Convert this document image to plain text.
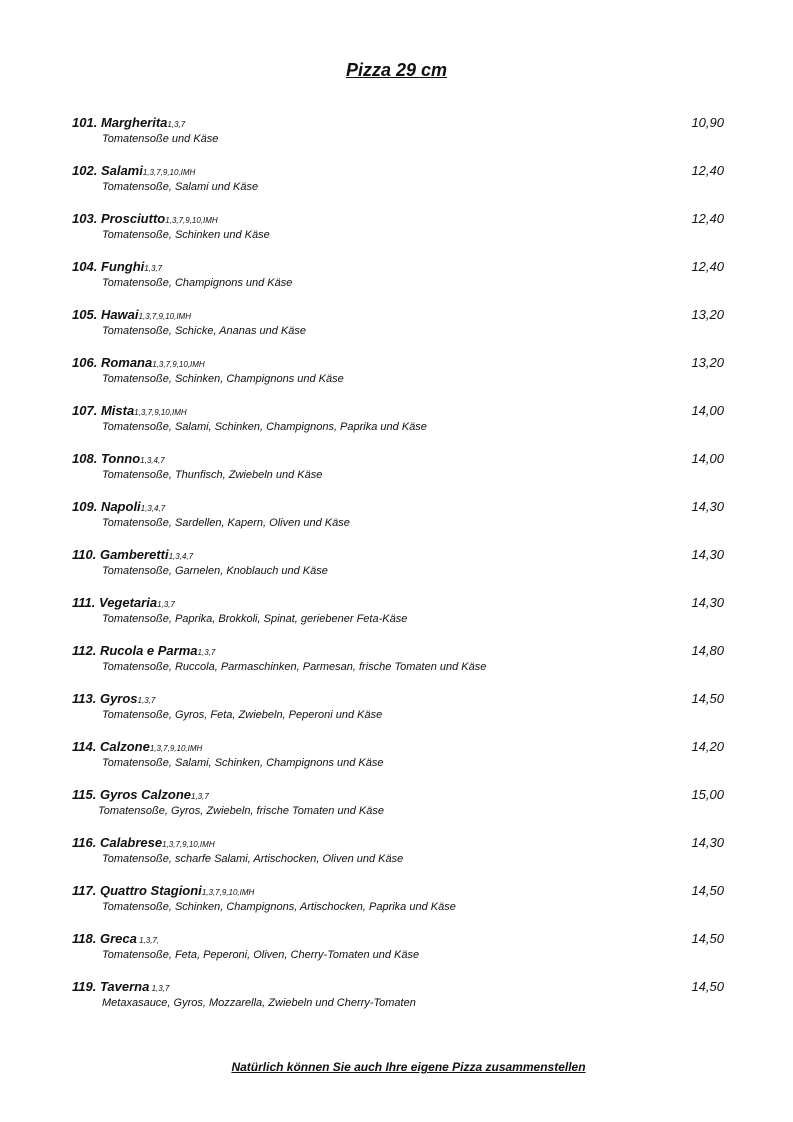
Pizza 29 cm
101. Margherita1,3,7	10,90
Tomatensoße und Käse
102. Salami1,3,7,9,10,IMH	12,40
Tomatensoße, Salami und Käse
103. Prosciutto1,3,7,9,10,IMH	12,40
Tomatensoße, Schinken und Käse
104. Funghi1,3,7	12,40
Tomatensoße, Champignons und Käse
105. Hawai1,3,7,9,10,IMH	13,20
Tomatensoße, Schicke, Ananas und Käse
106. Romana1,3,7,9,10,IMH	13,20
Tomatensoße, Schinken, Champignons und Käse
107. Mista1,3,7,9,10,IMH	14,00
Tomatensoße, Salami, Schinken, Champignons, Paprika und Käse
108. Tonno1,3,4,7	14,00
Tomatensoße, Thunfisch, Zwiebeln und Käse
109. Napoli1,3,4,7	14,30
Tomatensoße, Sardellen, Kapern, Oliven und Käse
110. Gamberetti1,3,4,7	14,30
Tomatensoße, Garnelen, Knoblauch und Käse
111. Vegetaria1,3,7	14,30
Tomatensoße, Paprika, Brokkoli, Spinat, geriebener Feta-Käse
112. Rucola e Parma1,3,7	14,80
Tomatensoße, Ruccola, Parmaschinken, Parmesan, frische Tomaten und Käse
113. Gyros1,3,7	14,50
Tomatensoße, Gyros, Feta, Zwiebeln, Peperoni und Käse
114. Calzone1,3,7,9,10,IMH	14,20
Tomatensoße, Salami, Schinken, Champignons und Käse
115. Gyros Calzone1,3,7	15,00
Tomatensoße, Gyros, Zwiebeln, frische Tomaten und Käse
116. Calabrese1,3,7,9,10,IMH	14,30
Tomatensoße, scharfe Salami, Artischocken, Oliven und Käse
117. Quattro Stagioni1,3,7,9,10,IMH	14,50
Tomatensoße, Schinken, Champignons, Artischocken, Paprika und Käse
118. Greca 1,3,7,	14,50
Tomatensoße, Feta, Peperoni, Oliven, Cherry-Tomaten und Käse
119. Taverna 1,3,7	14,50
Metaxasauce, Gyros, Mozzarella, Zwiebeln und Cherry-Tomaten
Natürlich können Sie auch Ihre eigene Pizza zusammenstellen
